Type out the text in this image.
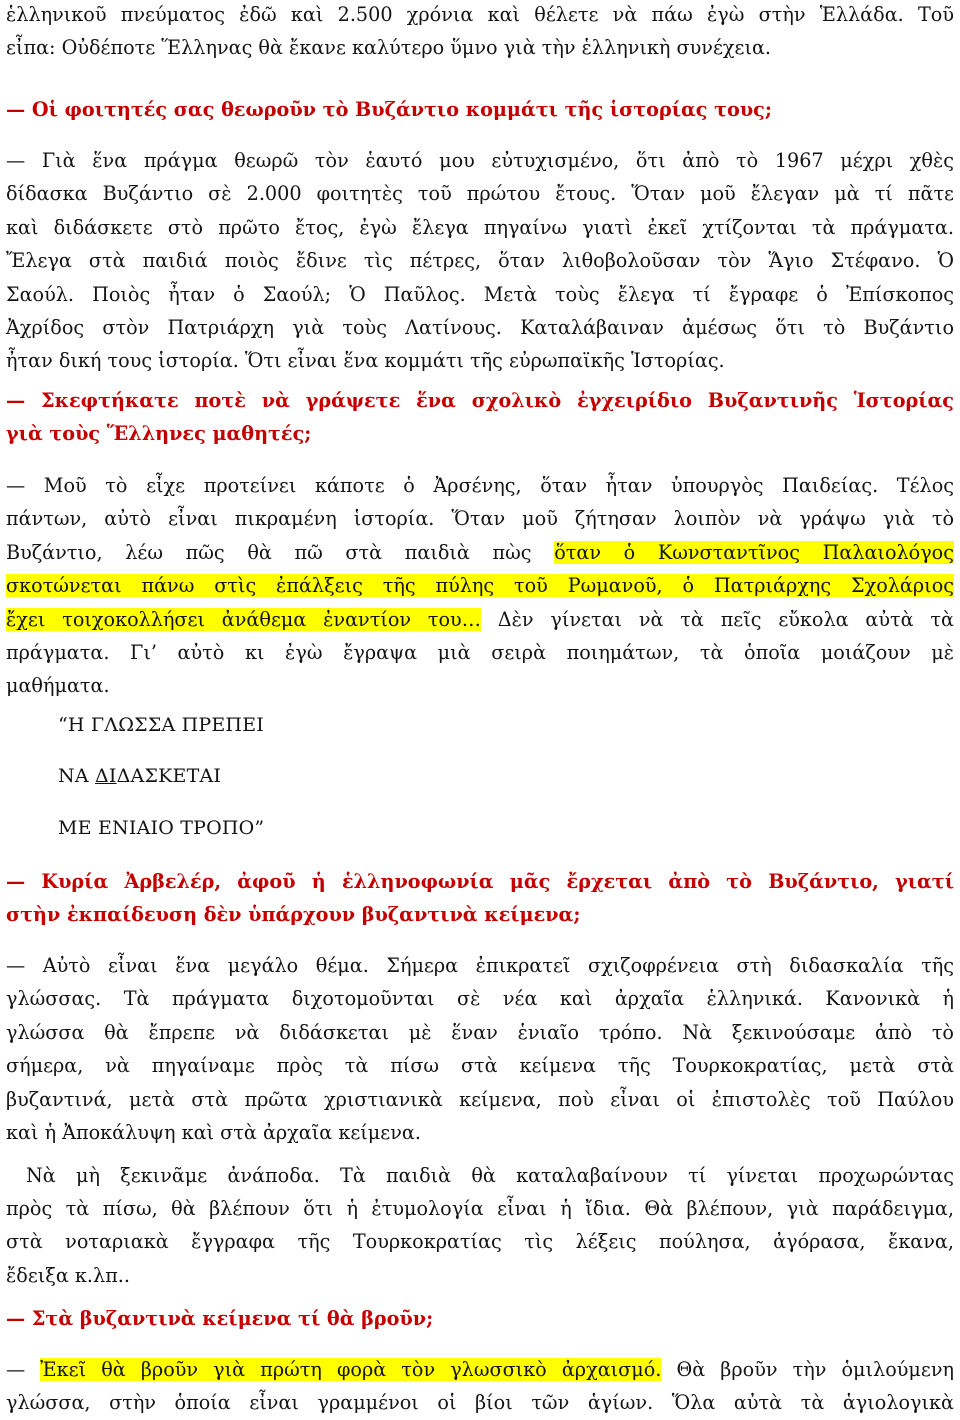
ἑλληνικοῦ πνεύματος ἐδῶ καὶ 2.500 χρόνια καὶ θέλετε νὰ πάω ἐγὼ στὴν Ἑλλάδα. Τοῦ
εἶπα: Οὐδέποτε Ἕλληνας θὰ ἔκανε καλύτερο ὕμνο γιὰ τὴν ἑλληνικὴ συνέχεια.
— Οἱ φοιτητές σας θεωροῦν τὸ Βυζάντιο κομμάτι τῆς ἱστορίας τους;
— Γιὰ ἕνα πράγμα θεωρῶ τὸν ἑαυτό μου εὐτυχισμένο, ὅτι ἀπὸ τὸ 1967 μέχρι χθὲς
δίδασκα Βυζάντιο σὲ 2.000 φοιτητὲς τοῦ πρώτου ἔτους. Ὅταν μοῦ ἔλεγαν μὰ τί πᾶτε
καὶ διδάσκετε στὸ πρῶτο ἔτος, ἐγὼ ἔλεγα πηγαίνω γιατὶ ἐκεῖ χτίζονται τὰ πράγματα.
Ἔλεγα στὰ παιδιά ποιὸς ἔδινε τὶς πέτρες, ὅταν λιθοβολοῦσαν τὸν Ἅγιο Στέφανο. Ὁ
Σαούλ. Ποιὸς ἦταν ὁ Σαούλ; Ὁ Παῦλος. Μετὰ τοὺς ἔλεγα τί ἔγραφε ὁ Ἐπίσκοπος
Ἀχρίδος στὸν Πατριάρχη γιὰ τοὺς Λατίνους. Καταλάβαιναν ἀμέσως ὅτι τὸ Βυζάντιο
ἦταν δική τους ἱστορία. Ὅτι εἶναι ἕνα κομμάτι τῆς εὐρωπαϊκῆς Ἱστορίας.
— Σκεφτήκατε ποτὲ νὰ γράψετε ἕνα σχολικὸ ἐγχειρίδιο Βυζαντινῆς Ἱστορίας
γιὰ τοὺς Ἕλληνες μαθητές;
— Μοῦ τὸ εἶχε προτείνει κάποτε ὁ Ἀρσένης, ὅταν ἦταν ὑπουργὸς Παιδείας. Τέλος
πάντων, αὐτὸ εἶναι πικραμένη ἱστορία. Ὅταν μοῦ ζήτησαν λοιπὸν νὰ γράψω γιὰ τὸ
Βυζάντιο, λέω πῶς θὰ πῶ στὰ παιδιὰ πὼς ὅταν ὁ Κωνσταντῖνος Παλαιολόγος
σκοτώνεται πάνω στὶς ἐπάλξεις τῆς πύλης τοῦ Ρωμανοῦ, ὁ Πατριάρχης Σχολάριος
ἔχει τοιχοκολλήσει ἀνάθεμα ἐναντίον του… Δὲν γίνεται νὰ τὰ πεῖς εὔκολα αὐτὰ τὰ
πράγματα. Γι’ αὐτὸ κι ἐγὼ ἔγραψα μιὰ σειρὰ ποιημάτων, τὰ ὁποῖα μοιάζουν μὲ
μαθήματα.
“Η ΓΛΩΣΣΑ ΠΡΕΠΕΙ
ΝΑ ΔΙΔΑΣΚΕΤΑΙ
ΜΕ ΕΝΙΑΙΟ ΤΡΟΠΟ”
— Κυρία Ἀρβελέρ, ἀφοῦ ἡ ἑλληνοφωνία μᾶς ἔρχεται ἀπὸ τὸ Βυζάντιο, γιατί
στὴν ἐκπαίδευση δὲν ὑπάρχουν βυζαντινὰ κείμενα;
— Αὐτὸ εἶναι ἕνα μεγάλο θέμα. Σήμερα ἐπικρατεῖ σχιζοφρένεια στὴ διδασκαλία τῆς
γλώσσας. Τὰ πράγματα διχοτομοῦνται σὲ νέα καὶ ἀρχαῖα ἑλληνικά. Κανονικὰ ἡ
γλώσσα θὰ ἔπρεπε νὰ διδάσκεται μὲ ἕναν ἑνιαῖο τρόπο. Νὰ ξεκινούσαμε ἀπὸ τὸ
σήμερα, νὰ πηγαίναμε πρὸς τὰ πίσω στὰ κείμενα τῆς Τουρκοκρατίας, μετὰ στὰ
βυζαντινά, μετὰ στὰ πρῶτα χριστιανικὰ κείμενα, ποὺ εἶναι οἱ ἐπιστολὲς τοῦ Παύλου
καὶ ἡ Ἀποκάλυψη καὶ στὰ ἀρχαῖα κείμενα.
Νὰ μὴ ξεκινᾶμε ἀνάποδα. Τὰ παιδιὰ θὰ καταλαβαίνουν τί γίνεται προχωρώντας
πρὸς τὰ πίσω, θὰ βλέπουν ὅτι ἡ ἐτυμολογία εἶναι ἡ ἴδια. Θὰ βλέπουν, γιὰ παράδειγμα,
στὰ νοταριακὰ ἔγγραφα τῆς Τουρκοκρατίας τὶς λέξεις πούλησα, ἀγόρασα, ἔκανα,
ἔδειξα κ.λπ..
— Στὰ βυζαντινὰ κείμενα τί θὰ βροῦν;
— Ἐκεῖ θὰ βροῦν γιὰ πρώτη φορὰ τὸν γλωσσικὸ ἀρχαισμό. Θὰ βροῦν τὴν ὁμιλούμενη
γλώσσα, στὴν ὁποία εἶναι γραμμένοι οἱ βίοι τῶν ἁγίων. Ὅλα αὐτὰ τὰ ἁγιολογικὰ
